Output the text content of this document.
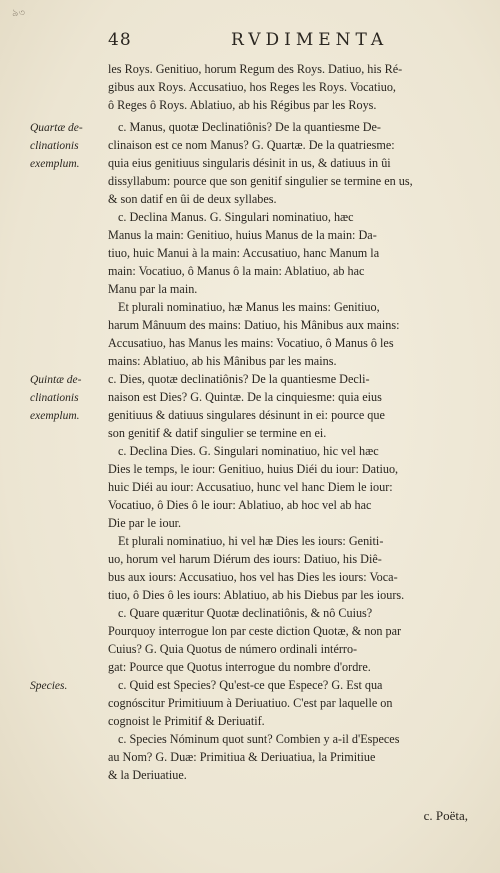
৯৩
48	RVDIMENTA
Quartæ de-
clinationis
exemplum.
Quintæ de-
clinationis
exemplum.
Species.
les Roys. Genitiuo, horum Regum des Roys. Datiuo, his Ré-
gibus aux Roys. Accusatiuo, hos Reges les Roys. Vocatiuo,
ô Reges ô Roys. Ablatiuo, ab his Régibus par les Roys.
c. Manus, quotæ Declinatiônis? De la quantiesme De-
clinaison est ce nom Manus? G. Quartæ. De la quatriesme:
quia eius genitiuus singularis désinit in us, & datiuus in ûi
dissyllabum: pource que son genitif singulier se termine en us,
& son datif en ûi de deux syllabes.
c. Declina Manus. G. Singulari nominatiuo, hæc
Manus la main: Genitiuo, huius Manus de la main: Da-
tiuo, huic Manui à la main: Accusatiuo, hanc Manum la
main: Vocatiuo, ô Manus ô la main: Ablatiuo, ab hac
Manu par la main.
Et plurali nominatiuo, hæ Manus les mains: Genitiuo,
harum Mânuum des mains: Datiuo, his Mânibus aux mains:
Accusatiuo, has Manus les mains: Vocatiuo, ô Manus ô les
mains: Ablatiuo, ab his Mânibus par les mains.
c. Dies, quotæ declinatiônis? De la quantiesme Decli-
naison est Dies? G. Quintæ. De la cinquiesme: quia eius
genitiuus & datiuus singulares désinunt in ei: pource que
son genitif & datif singulier se termine en ei.
c. Declina Dies. G. Singulari nominatiuo, hic vel hæc
Dies le temps, le iour: Genitiuo, huius Diéi du iour: Datiuo,
huic Diéi au iour: Accusatiuo, hunc vel hanc Diem le iour:
Vocatiuo, ô Dies ô le iour: Ablatiuo, ab hoc vel ab hac
Die par le iour.
Et plurali nominatiuo, hi vel hæ Dies les iours: Geniti-
uo, horum vel harum Diérum des iours: Datiuo, his Diê-
bus aux iours: Accusatiuo, hos vel has Dies les iours: Voca-
tiuo, ô Dies ô les iours: Ablatiuo, ab his Diebus par les iours.
c. Quare quæritur Quotæ declinatiônis, & nô Cuius?
Pourquoy interrogue lon par ceste diction Quotæ, & non par
Cuius? G. Quia Quotus de número ordinali intérro-
gat: Pource que Quotus interrogue du nombre d'ordre.
c. Quid est Species? Qu'est-ce que Espece? G. Est qua
cognóscitur Primitiuum à Deriuatiuo. C'est par laquelle on
cognoist le Primitif & Deriuatif.
c. Species Nóminum quot sunt? Combien y a-il d'Especes
au Nom? G. Duæ: Primitiua & Deriuatiua, la Primitiue
& la Deriuatiue.
c. Poëta,
